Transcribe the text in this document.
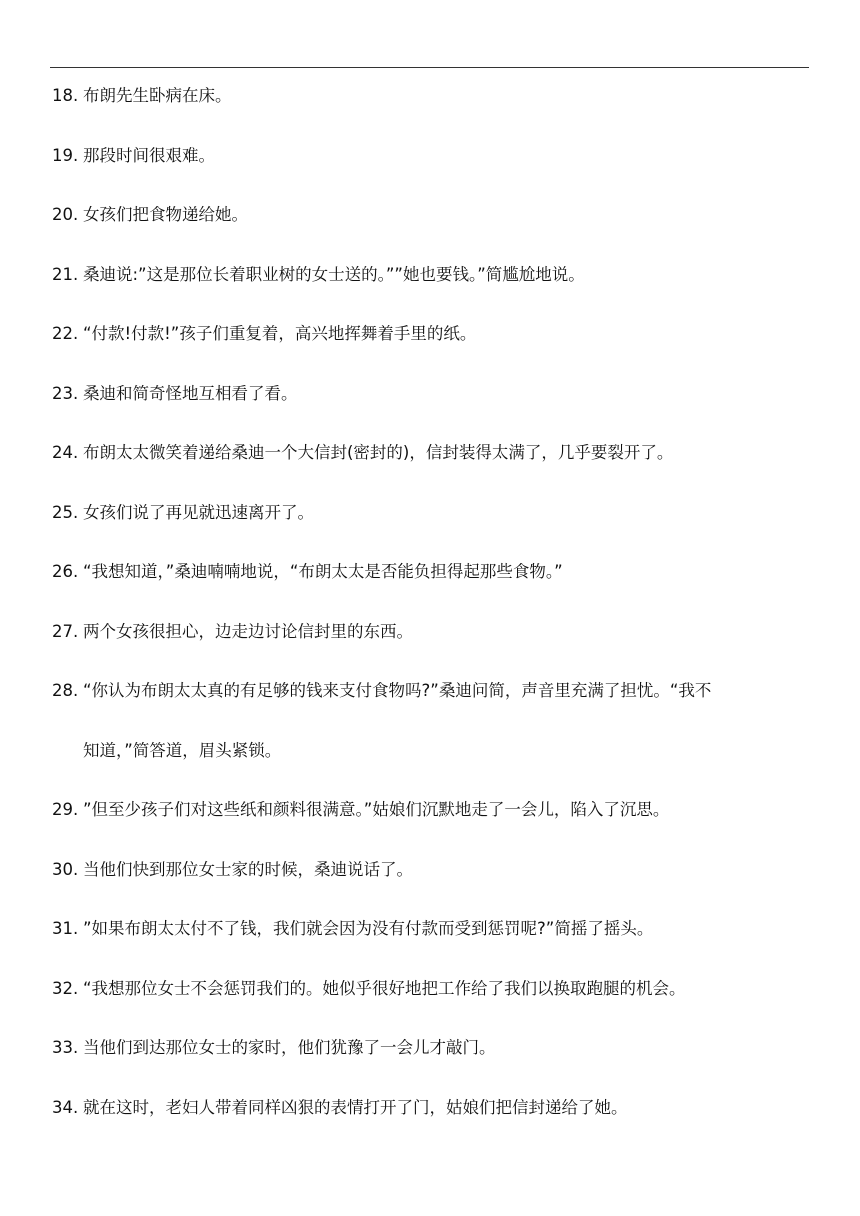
18. 布朗先生卧病在床。
19. 那段时间很艰难。
20. 女孩们把食物递给她。
21. 桑迪说:”这是那位长着职业树的女士送的。””她也要钱。”简尴尬地说。
22. “付款!付款!”孩子们重复着，高兴地挥舞着手里的纸。
23. 桑迪和简奇怪地互相看了看。
24. 布朗太太微笑着递给桑迪一个大信封(密封的)，信封装得太满了，几乎要裂开了。
25. 女孩们说了再见就迅速离开了。
26. “我想知道，”桑迪喃喃地说，“布朗太太是否能负担得起那些食物。”
27. 两个女孩很担心，边走边讨论信封里的东西。
28. “你认为布朗太太真的有足够的钱来支付食物吗?”桑迪问简，声音里充满了担忧。“我不
知道，”简答道，眉头紧锁。
29. ”但至少孩子们对这些纸和颜料很满意。”姑娘们沉默地走了一会儿，陷入了沉思。
30. 当他们快到那位女士家的时候，桑迪说话了。
31. ”如果布朗太太付不了钱，我们就会因为没有付款而受到惩罚呢?”简摇了摇头。
32. “我想那位女士不会惩罚我们的。她似乎很好地把工作给了我们以换取跑腿的机会。
33. 当他们到达那位女士的家时，他们犹豫了一会儿才敲门。
34. 就在这时，老妇人带着同样凶狠的表情打开了门，姑娘们把信封递给了她。
